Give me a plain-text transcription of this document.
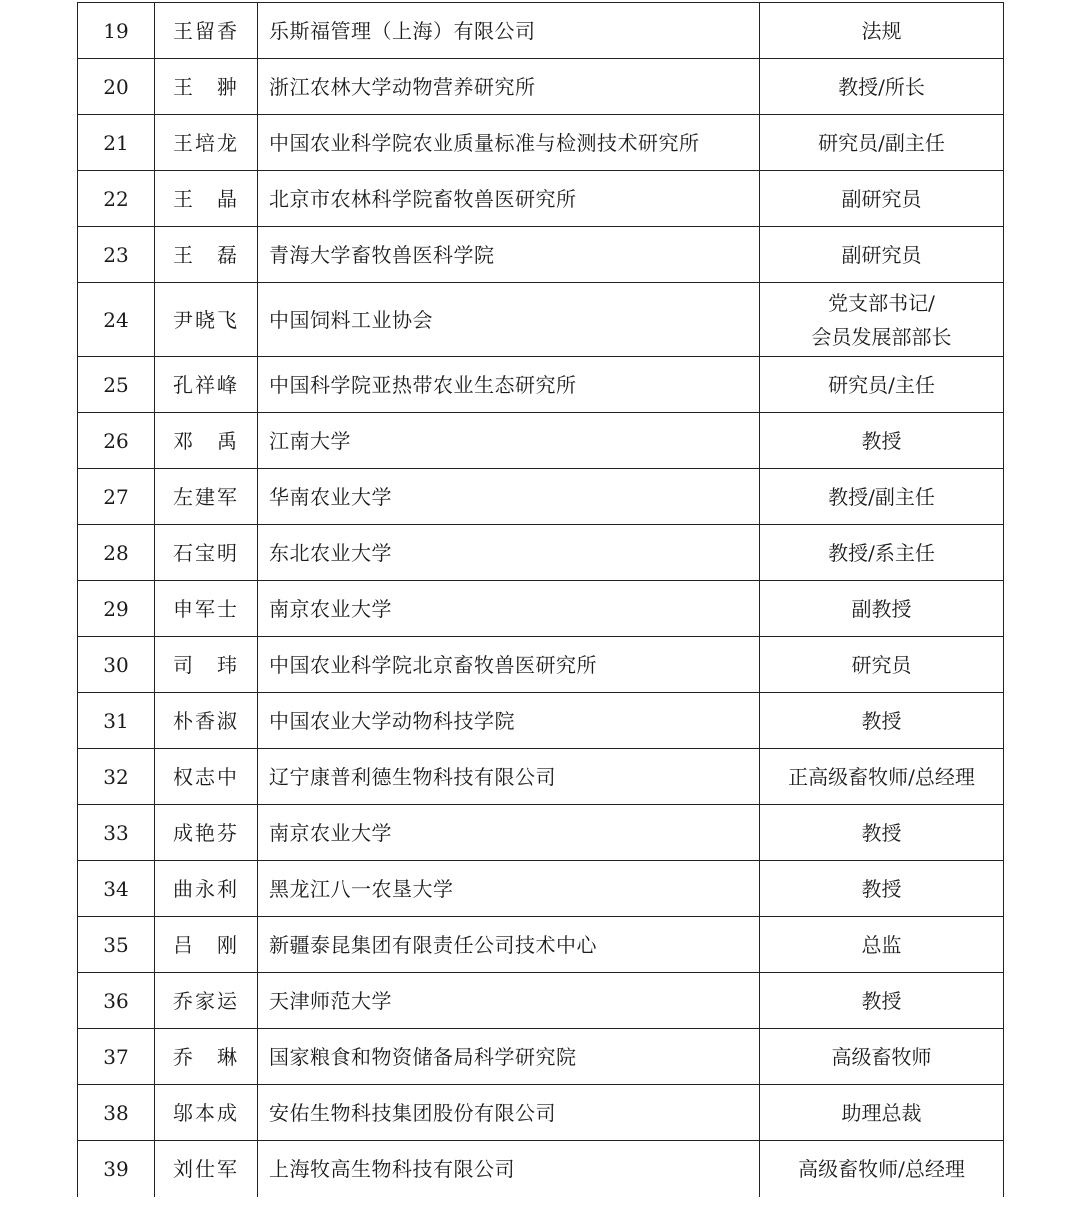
19	王留香	乐斯福管理（上海）有限公司	法规

20	王　翀	浙江农林大学动物营养研究所	教授/所长

21	王培龙	中国农业科学院农业质量标准与检测技术研究所	研究员/副主任

22	王　晶	北京市农林科学院畜牧兽医研究所	副研究员

23	王　磊	青海大学畜牧兽医科学院	副研究员

24	尹晓飞	中国饲料工业协会	党支部书记/
会员发展部部长

25	孔祥峰	中国科学院亚热带农业生态研究所	研究员/主任

26	邓　禹	江南大学	教授

27	左建军	华南农业大学	教授/副主任

28	石宝明	东北农业大学	教授/系主任

29	申军士	南京农业大学	副教授

30	司　玮	中国农业科学院北京畜牧兽医研究所	研究员

31	朴香淑	中国农业大学动物科技学院	教授

32	权志中	辽宁康普利德生物科技有限公司	正高级畜牧师/总经理

33	成艳芬	南京农业大学	教授

34	曲永利	黑龙江八一农垦大学	教授

35	吕　刚	新疆泰昆集团有限责任公司技术中心	总监

36	乔家运	天津师范大学	教授

37	乔　琳	国家粮食和物资储备局科学研究院	高级畜牧师

38	邬本成	安佑生物科技集团股份有限公司	助理总裁

39	刘仕军	上海牧高生物科技有限公司	高级畜牧师/总经理
